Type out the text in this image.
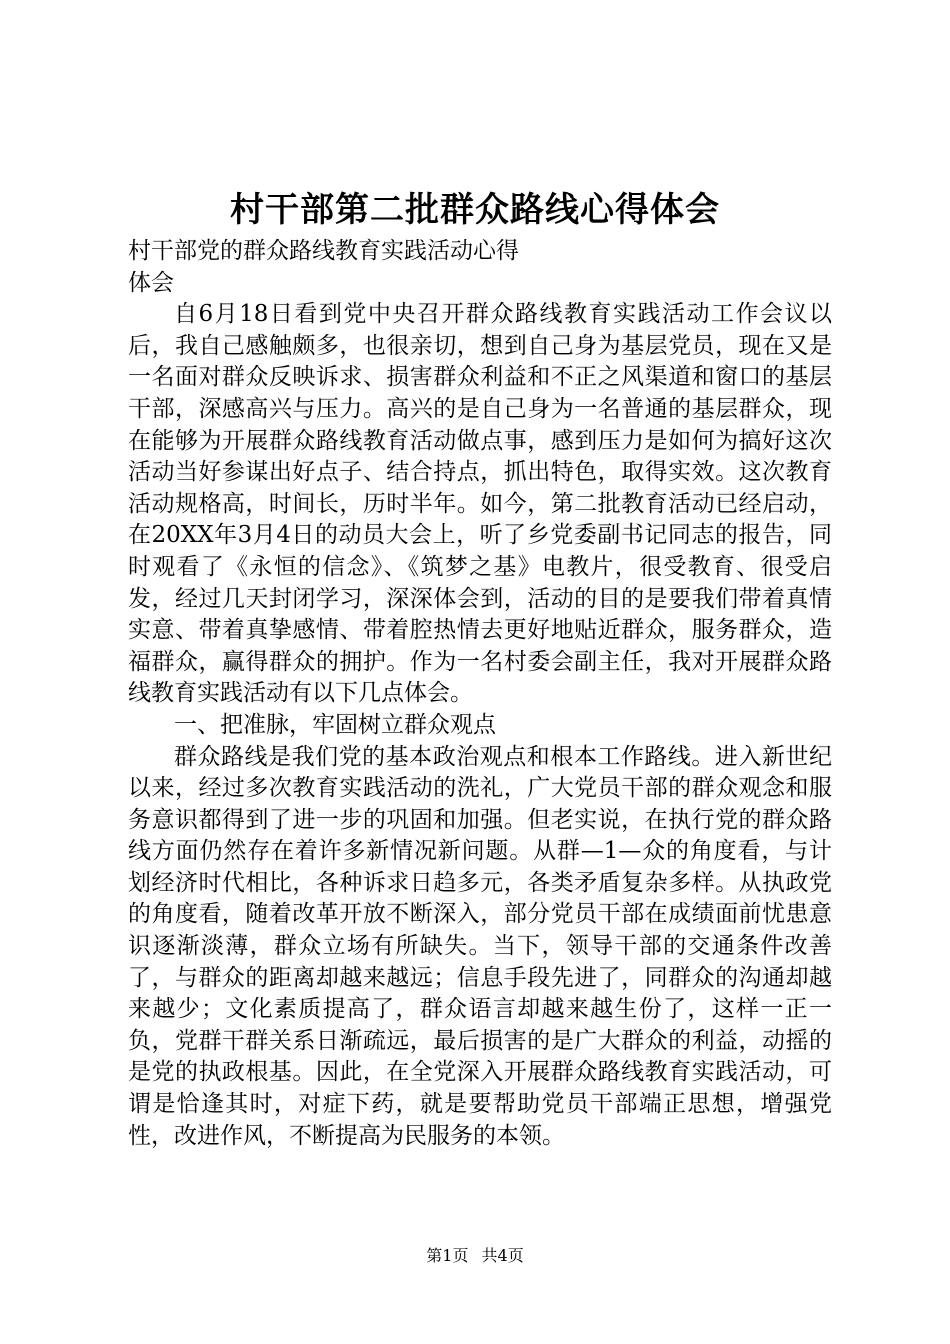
村干部第二批群众路线心得体会

村干部党的群众路线教育实践活动心得

体会

自6月18日看到党中央召开群众路线教育实践活动工作会议以后，我自己感触颇多，也很亲切，想到自己身为基层党员，现在又是一名面对群众反映诉求、损害群众利益和不正之风渠道和窗口的基层干部，深感高兴与压力。高兴的是自己身为一名普通的基层群众，现在能够为开展群众路线教育活动做点事，感到压力是如何为搞好这次活动当好参谋出好点子、结合持点，抓出特色，取得实效。这次教育活动规格高，时间长，历时半年。如今，第二批教育活动已经启动，在20XX年3月4日的动员大会上，听了乡党委副书记同志的报告，同时观看了《永恒的信念》、《筑梦之基》电教片，很受教育、很受启发，经过几天封闭学习，深深体会到，活动的目的是要我们带着真情实意、带着真挚感情、带着腔热情去更好地贴近群众，服务群众，造福群众，赢得群众的拥护。作为一名村委会副主任，我对开展群众路线教育实践活动有以下几点体会。

一、把准脉，牢固树立群众观点

群众路线是我们党的基本政治观点和根本工作路线。进入新世纪以来，经过多次教育实践活动的洗礼，广大党员干部的群众观念和服务意识都得到了进一步的巩固和加强。但老实说，在执行党的群众路线方面仍然存在着许多新情况新问题。从群—1—众的角度看，与计划经济时代相比，各种诉求日趋多元，各类矛盾复杂多样。从执政党的角度看，随着改革开放不断深入，部分党员干部在成绩面前忧患意识逐渐淡薄，群众立场有所缺失。当下，领导干部的交通条件改善了，与群众的距离却越来越远；信息手段先进了，同群众的沟通却越来越少；文化素质提高了，群众语言却越来越生份了，这样一正一负，党群干群关系日渐疏远，最后损害的是广大群众的利益，动摇的是党的执政根基。因此，在全党深入开展群众路线教育实践活动，可谓是恰逢其时，对症下药，就是要帮助党员干部端正思想，增强党性，改进作风，不断提高为民服务的本领。

第1页 共4页
